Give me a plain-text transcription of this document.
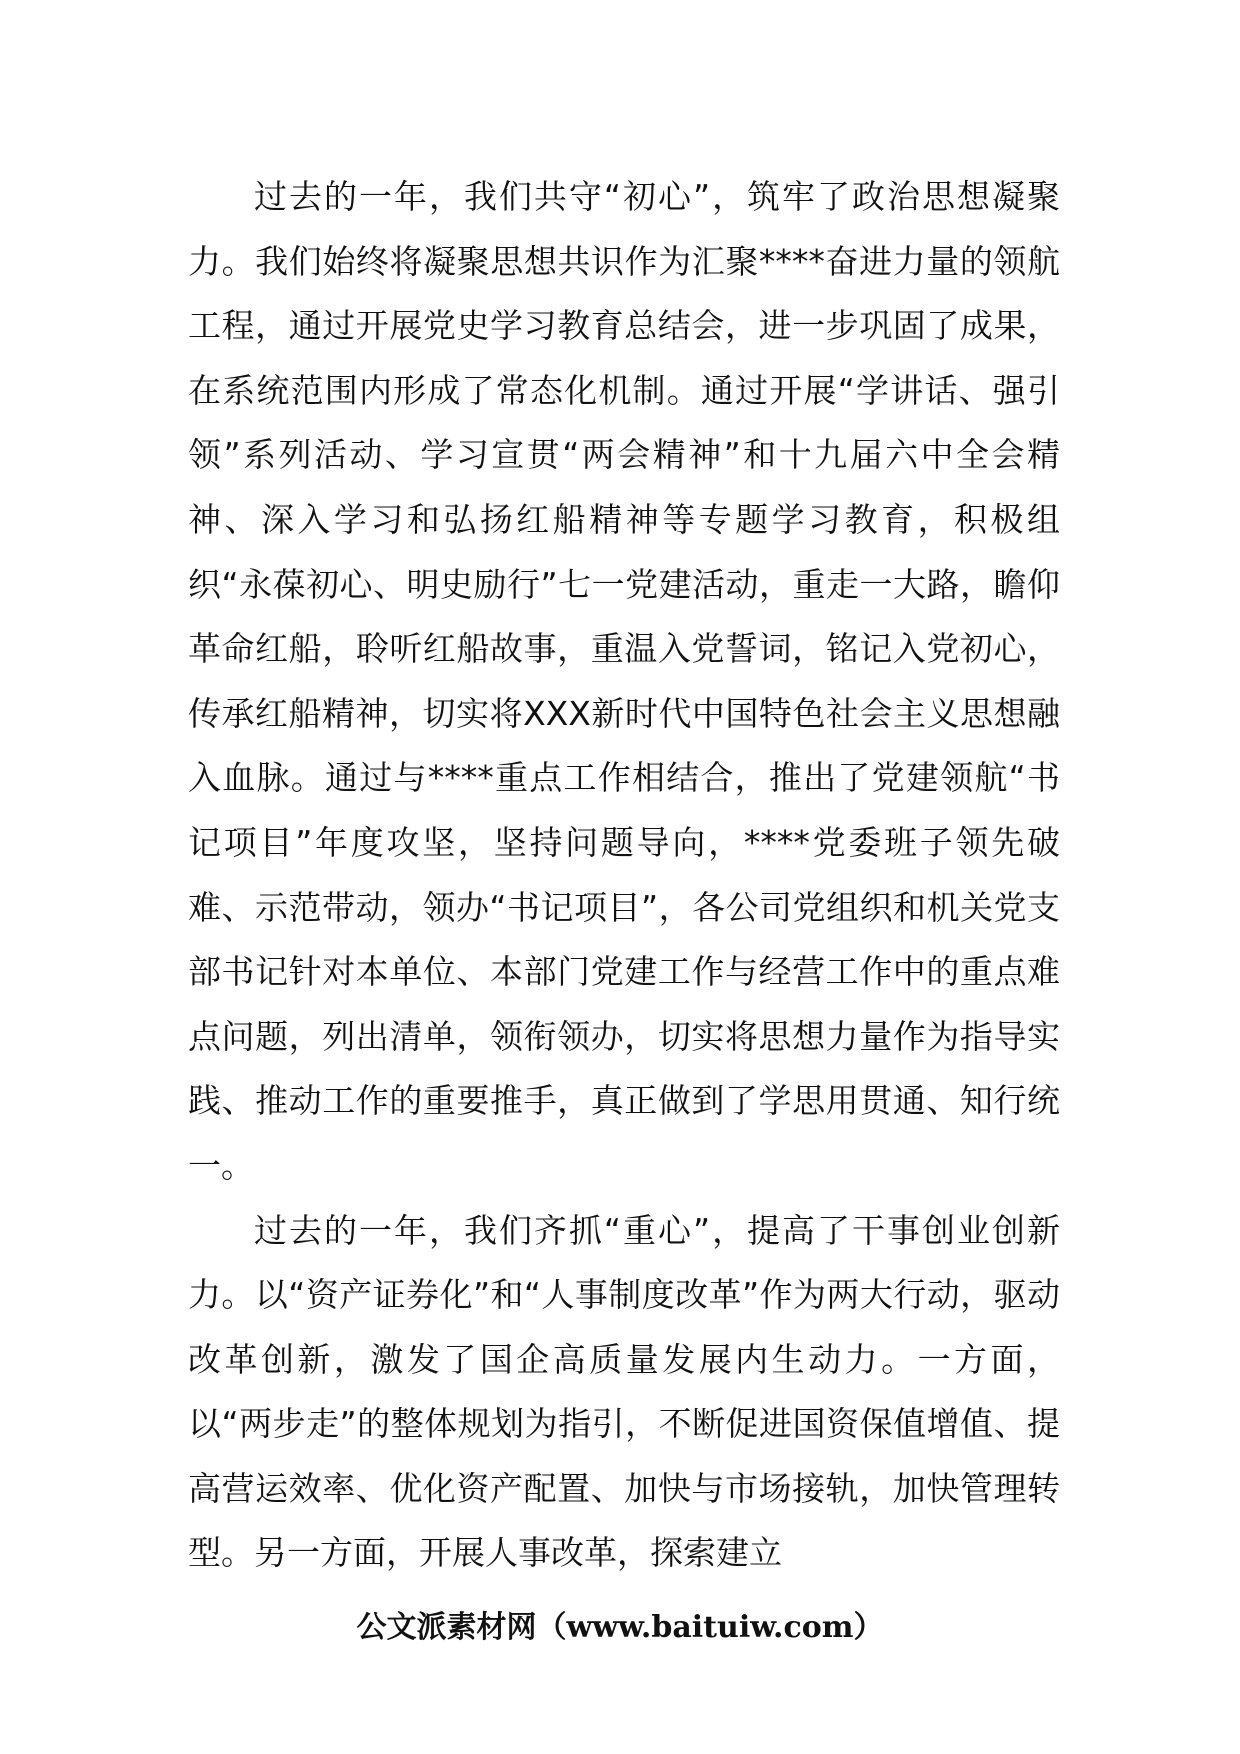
过去的一年，我们共守“初心”，筑牢了政治思想凝聚力。我们始终将凝聚思想共识作为汇聚****奋进力量的领航工程，通过开展党史学习教育总结会，进一步巩固了成果，在系统范围内形成了常态化机制。通过开展“学讲话、强引领”系列活动、学习宣贯“两会精神”和十九届六中全会精神、深入学习和弘扬红船精神等专题学习教育，积极组织“永葆初心、明史励行”七一党建活动，重走一大路，瞻仰革命红船，聆听红船故事，重温入党誓词，铭记入党初心，传承红船精神，切实将XXX新时代中国特色社会主义思想融入血脉。通过与****重点工作相结合，推出了党建领航“书记项目”年度攻坚，坚持问题导向，****党委班子领先破难、示范带动，领办“书记项目”，各公司党组织和机关党支部书记针对本单位、本部门党建工作与经营工作中的重点难点问题，列出清单，领衔领办，切实将思想力量作为指导实践、推动工作的重要推手，真正做到了学思用贯通、知行统一。

过去的一年，我们齐抓“重心”，提高了干事创业创新力。以“资产证券化”和“人事制度改革”作为两大行动，驱动改革创新，激发了国企高质量发展内生动力。一方面，以“两步走”的整体规划为指引，不断促进国资保值增值、提高营运效率、优化资产配置、加快与市场接轨，加快管理转型。另一方面，开展人事改革，探索建立

公文派素材网（www.baituiw.com）
